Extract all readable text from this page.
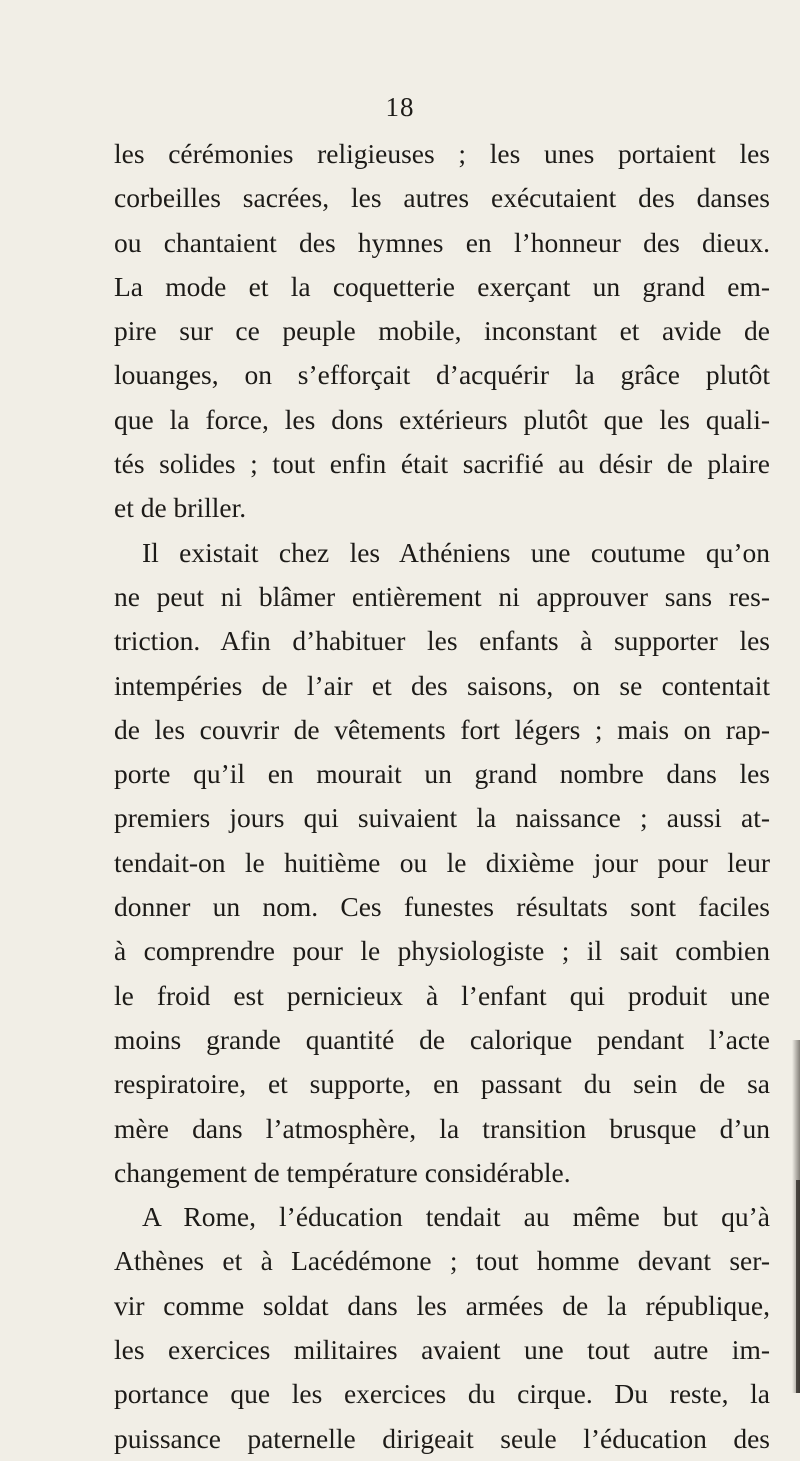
18
les cérémonies religieuses ; les unes portaient les
corbeilles sacrées, les autres exécutaient des danses
ou chantaient des hymnes en l’honneur des dieux.
La mode et la coquetterie exerçant un grand em-
pire sur ce peuple mobile, inconstant et avide de
louanges, on s’efforçait d’acquérir la grâce plutôt
que la force, les dons extérieurs plutôt que les quali-
tés solides ; tout enfin était sacrifié au désir de plaire
et de briller.
Il existait chez les Athéniens une coutume qu’on
ne peut ni blâmer entièrement ni approuver sans res-
triction. Afin d’habituer les enfants à supporter les
intempéries de l’air et des saisons, on se contentait
de les couvrir de vêtements fort légers ; mais on rap-
porte qu’il en mourait un grand nombre dans les
premiers jours qui suivaient la naissance ; aussi at-
tendait-on le huitième ou le dixième jour pour leur
donner un nom. Ces funestes résultats sont faciles
à comprendre pour le physiologiste ; il sait combien
le froid est pernicieux à l’enfant qui produit une
moins grande quantité de calorique pendant l’acte
respiratoire, et supporte, en passant du sein de sa
mère dans l’atmosphère, la transition brusque d’un
changement de température considérable.
A Rome, l’éducation tendait au même but qu’à
Athènes et à Lacédémone ; tout homme devant ser-
vir comme soldat dans les armées de la république,
les exercices militaires avaient une tout autre im-
portance que les exercices du cirque. Du reste, la
puissance paternelle dirigeait seule l’éducation des
